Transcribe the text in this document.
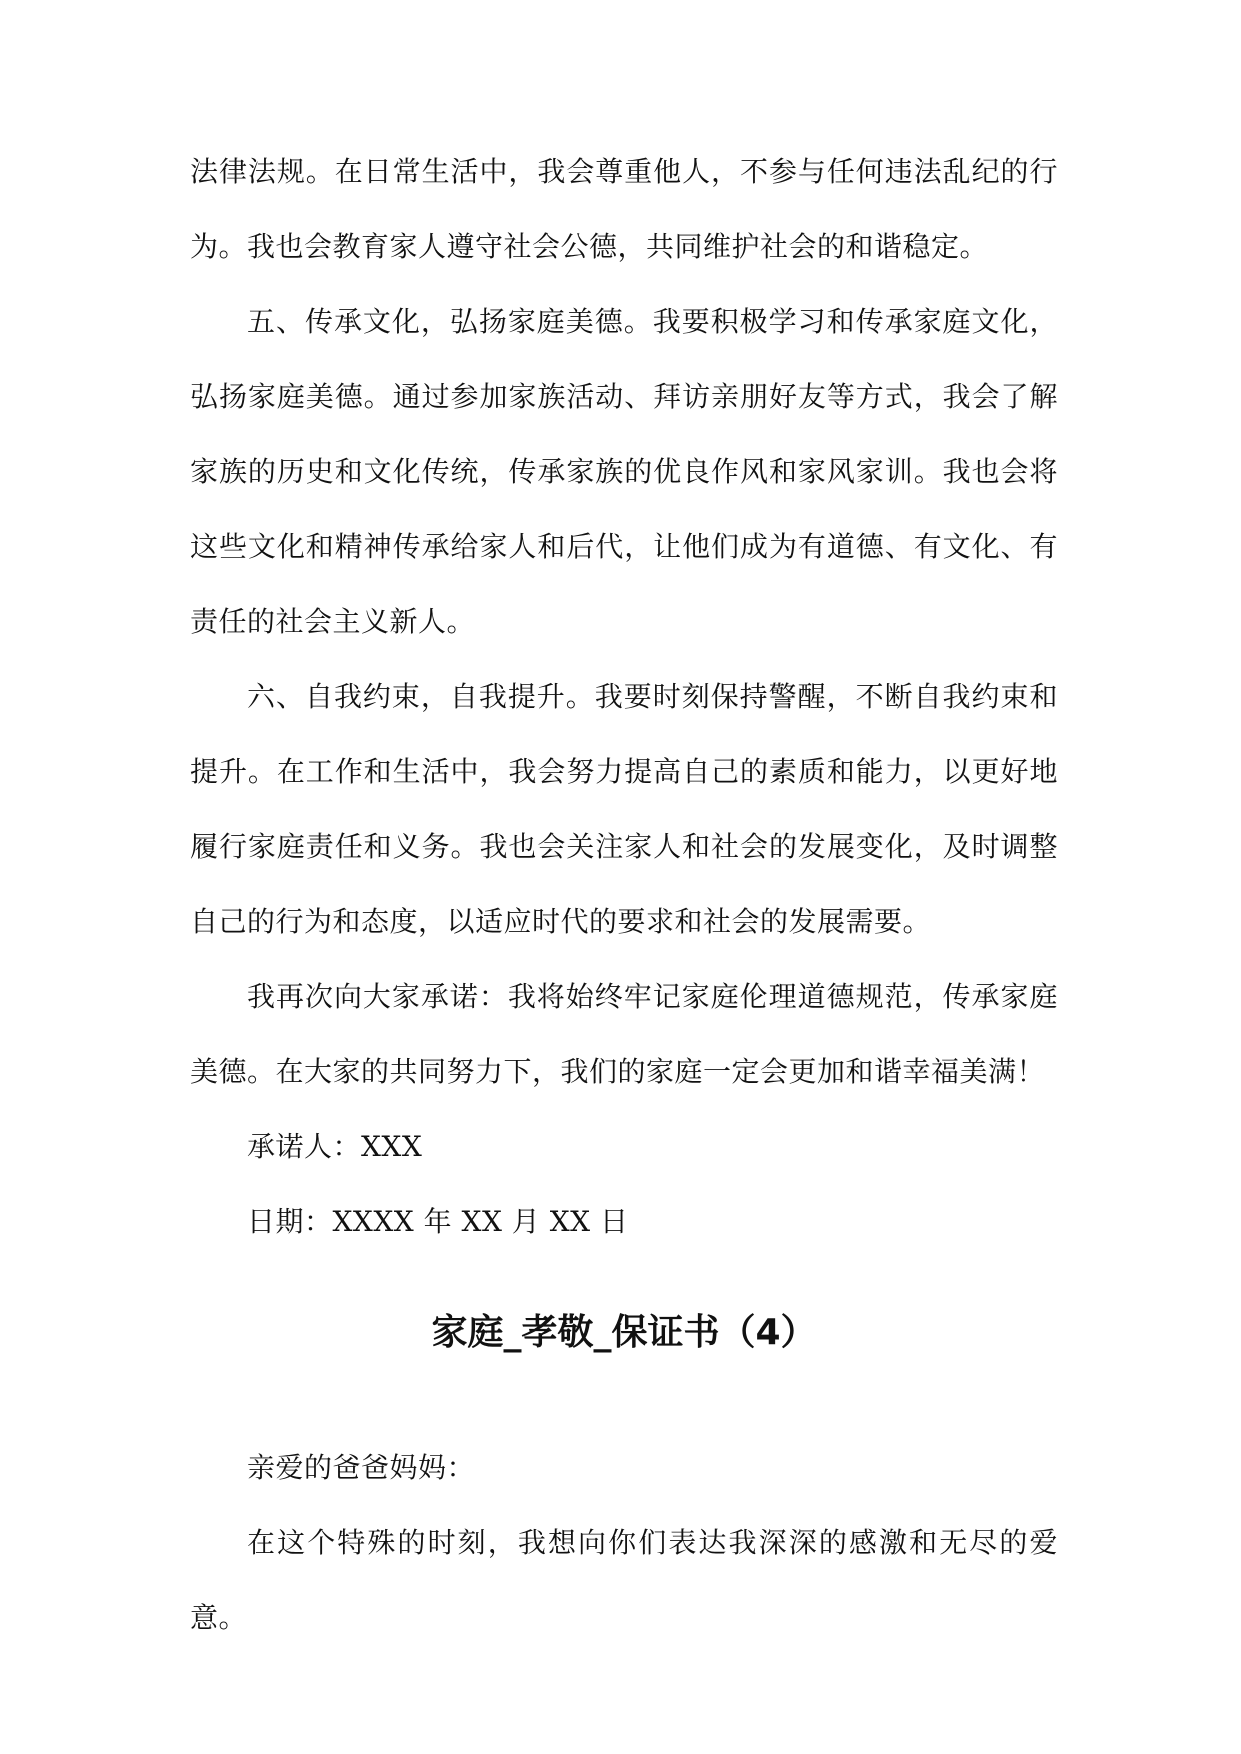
法律法规。在日常生活中，我会尊重他人，不参与任何违法乱纪的行为。我也会教育家人遵守社会公德，共同维护社会的和谐稳定。

五、传承文化，弘扬家庭美德。我要积极学习和传承家庭文化，弘扬家庭美德。通过参加家族活动、拜访亲朋好友等方式，我会了解家族的历史和文化传统，传承家族的优良作风和家风家训。我也会将这些文化和精神传承给家人和后代，让他们成为有道德、有文化、有责任的社会主义新人。

六、自我约束，自我提升。我要时刻保持警醒，不断自我约束和提升。在工作和生活中，我会努力提高自己的素质和能力，以更好地履行家庭责任和义务。我也会关注家人和社会的发展变化，及时调整自己的行为和态度，以适应时代的要求和社会的发展需要。

我再次向大家承诺：我将始终牢记家庭伦理道德规范，传承家庭美德。在大家的共同努力下，我们的家庭一定会更加和谐幸福美满！

承诺人：XXX

日期：XXXX 年 XX 月 XX 日

家庭_孝敬_保证书（4）

亲爱的爸爸妈妈：

在这个特殊的时刻，我想向你们表达我深深的感激和无尽的爱意。
